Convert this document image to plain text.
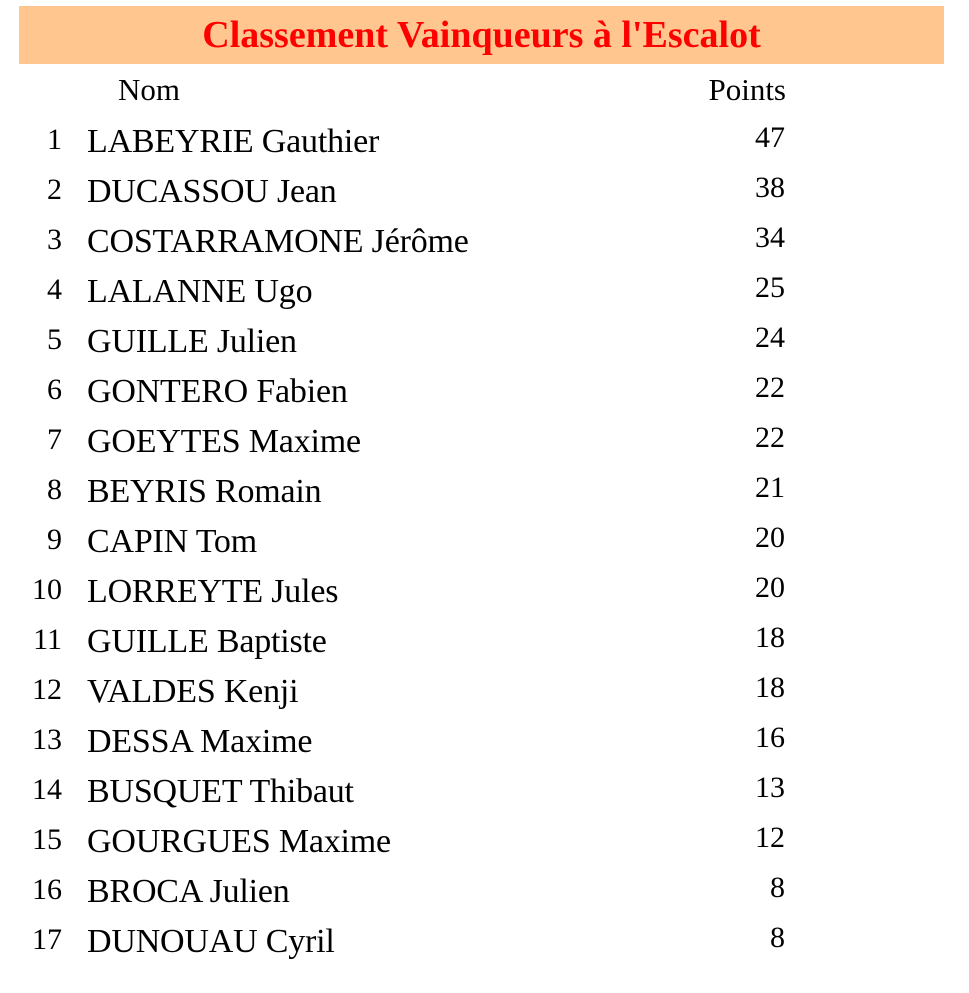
Classement Vainqueurs à l'Escalot
Nom	Points
1 LABEYRIE Gauthier	47
2 DUCASSOU Jean	38
3 COSTARRAMONE Jérôme	34
4 LALANNE Ugo	25
5 GUILLE Julien	24
6 GONTERO Fabien	22
7 GOEYTES Maxime	22
8 BEYRIS Romain	21
9 CAPIN Tom	20
10 LORREYTE Jules	20
11 GUILLE Baptiste	18
12 VALDES Kenji	18
13 DESSA Maxime	16
14 BUSQUET Thibaut	13
15 GOURGUES Maxime	12
16 BROCA Julien	8
17 DUNOUAU Cyril	8
